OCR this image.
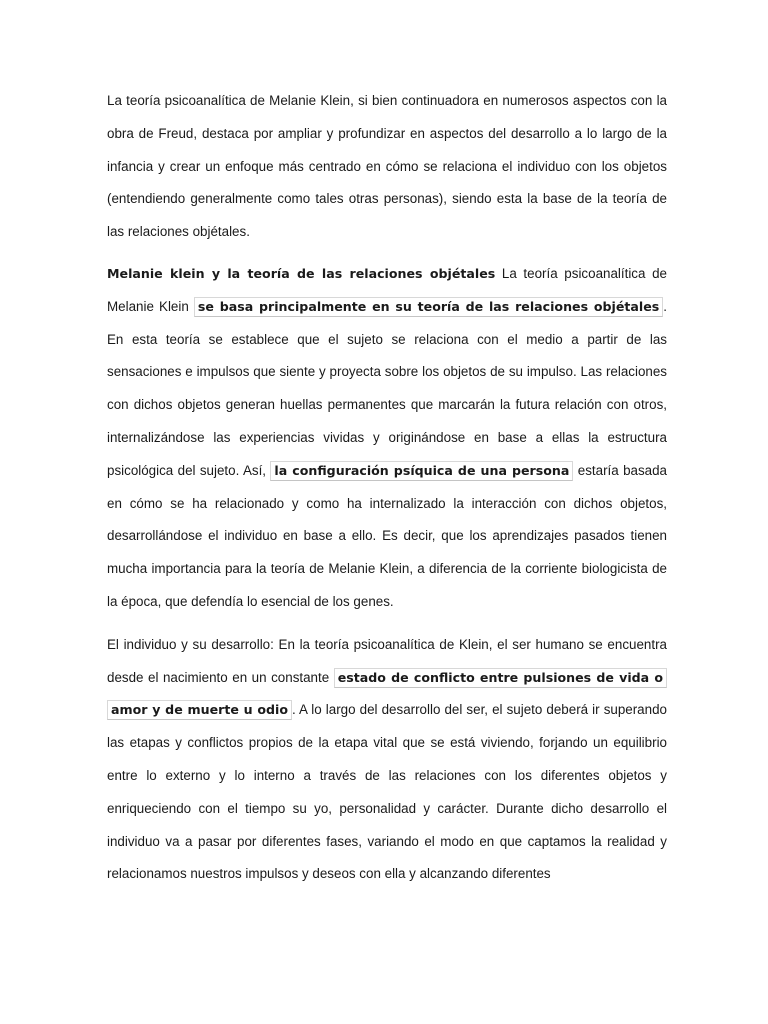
La teoría psicoanalítica de Melanie Klein, si bien continuadora en numerosos aspectos con la obra de Freud, destaca por ampliar y profundizar en aspectos del desarrollo a lo largo de la infancia y crear un enfoque más centrado en cómo se relaciona el individuo con los objetos (entendiendo generalmente como tales otras personas), siendo esta la base de la teoría de las relaciones objétales.

Melanie klein y la teoría de las relaciones objétales La teoría psicoanalítica de Melanie Klein se basa principalmente en su teoría de las relaciones objétales . En esta teoría se establece que el sujeto se relaciona con el medio a partir de las sensaciones e impulsos que siente y proyecta sobre los objetos de su impulso. Las relaciones con dichos objetos generan huellas permanentes que marcarán la futura relación con otros, internalizándose las experiencias vividas y originándose en base a ellas la estructura psicológica del sujeto. Así, la configuración psíquica de una persona estaría basada en cómo se ha relacionado y como ha internalizado la interacción con dichos objetos, desarrollándose el individuo en base a ello. Es decir, que los aprendizajes pasados tienen mucha importancia para la teoría de Melanie Klein, a diferencia de la corriente biologicista de la época, que defendía lo esencial de los genes.

El individuo y su desarrollo: En la teoría psicoanalítica de Klein, el ser humano se encuentra desde el nacimiento en un constante estado de conflicto entre pulsiones de vida o amor y de muerte u odio . A lo largo del desarrollo del ser, el sujeto deberá ir superando las etapas y conflictos propios de la etapa vital que se está viviendo, forjando un equilibrio entre lo externo y lo interno a través de las relaciones con los diferentes objetos y enriqueciendo con el tiempo su yo, personalidad y carácter. Durante dicho desarrollo el individuo va a pasar por diferentes fases, variando el modo en que captamos la realidad y relacionamos nuestros impulsos y deseos con ella y alcanzando diferentes
